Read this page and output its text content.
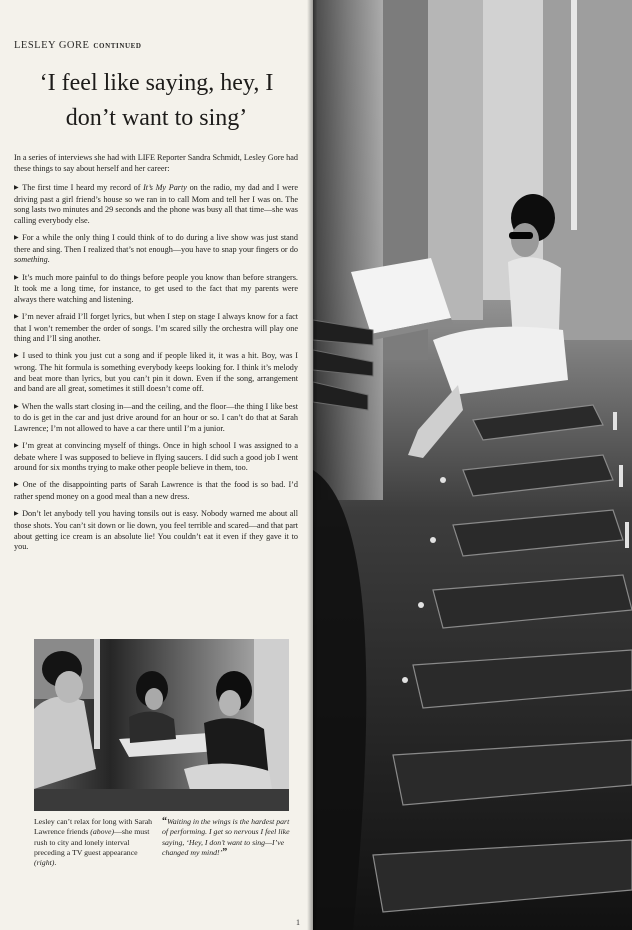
LESLEY GORE CONTINUED
‘I feel like saying, hey, I don’t want to sing’

In a series of interviews she had with LIFE Reporter Sandra Schmidt, Lesley Gore had these things to say about herself and her career:

▶ The first time I heard my record of It’s My Party on the radio, my dad and I were driving past a girl friend’s house so we ran in to call Mom and tell her I was on. The song lasts two minutes and 29 seconds and the phone was busy all that time—she was calling everybody else.
▶ For a while the only thing I could think of to do during a live show was just stand there and sing. Then I realized that’s not enough—you have to snap your fingers or do something.
▶ It’s much more painful to do things before people you know than before strangers. It took me a long time, for instance, to get used to the fact that my parents were always there watching and listening.
▶ I’m never afraid I’ll forget lyrics, but when I step on stage I always know for a fact that I won’t remember the order of songs. I’m scared silly the orchestra will play one thing and I’ll sing another.
▶ I used to think you just cut a song and if people liked it, it was a hit. Boy, was I wrong. The hit formula is something everybody keeps looking for. I think it’s melody and beat more than lyrics, but you can’t pin it down. Even if the song, arrangement and band are all great, sometimes it still doesn’t come off.
▶ When the walls start closing in—and the ceiling, and the floor—the thing I like best to do is get in the car and just drive around for an hour or so. I can’t do that at Sarah Lawrence; I’m not allowed to have a car there until I’m a junior.
▶ I’m great at convincing myself of things. Once in high school I was assigned to a debate where I was supposed to believe in flying saucers. I did such a good job I went around for six months trying to make other people believe in them, too.
▶ One of the disappointing parts of Sarah Lawrence is that the food is so bad. I’d rather spend money on a good meal than a new dress.
▶ Don’t let anybody tell you having tonsils out is easy. Nobody warned me about all those shots. You can’t sit down or lie down, you feel terrible and scared—and that part about getting ice cream is an absolute lie! You couldn’t eat it even if they gave it to you.

Lesley can’t relax for long with Sarah Lawrence friends (above)—she must rush to city and lonely interval preceding a TV guest appearance (right).

“Waiting in the wings is the hardest part of performing. I get so nervous I feel like saying, ‘Hey, I don’t want to sing—I’ve changed my mind!’”

1
